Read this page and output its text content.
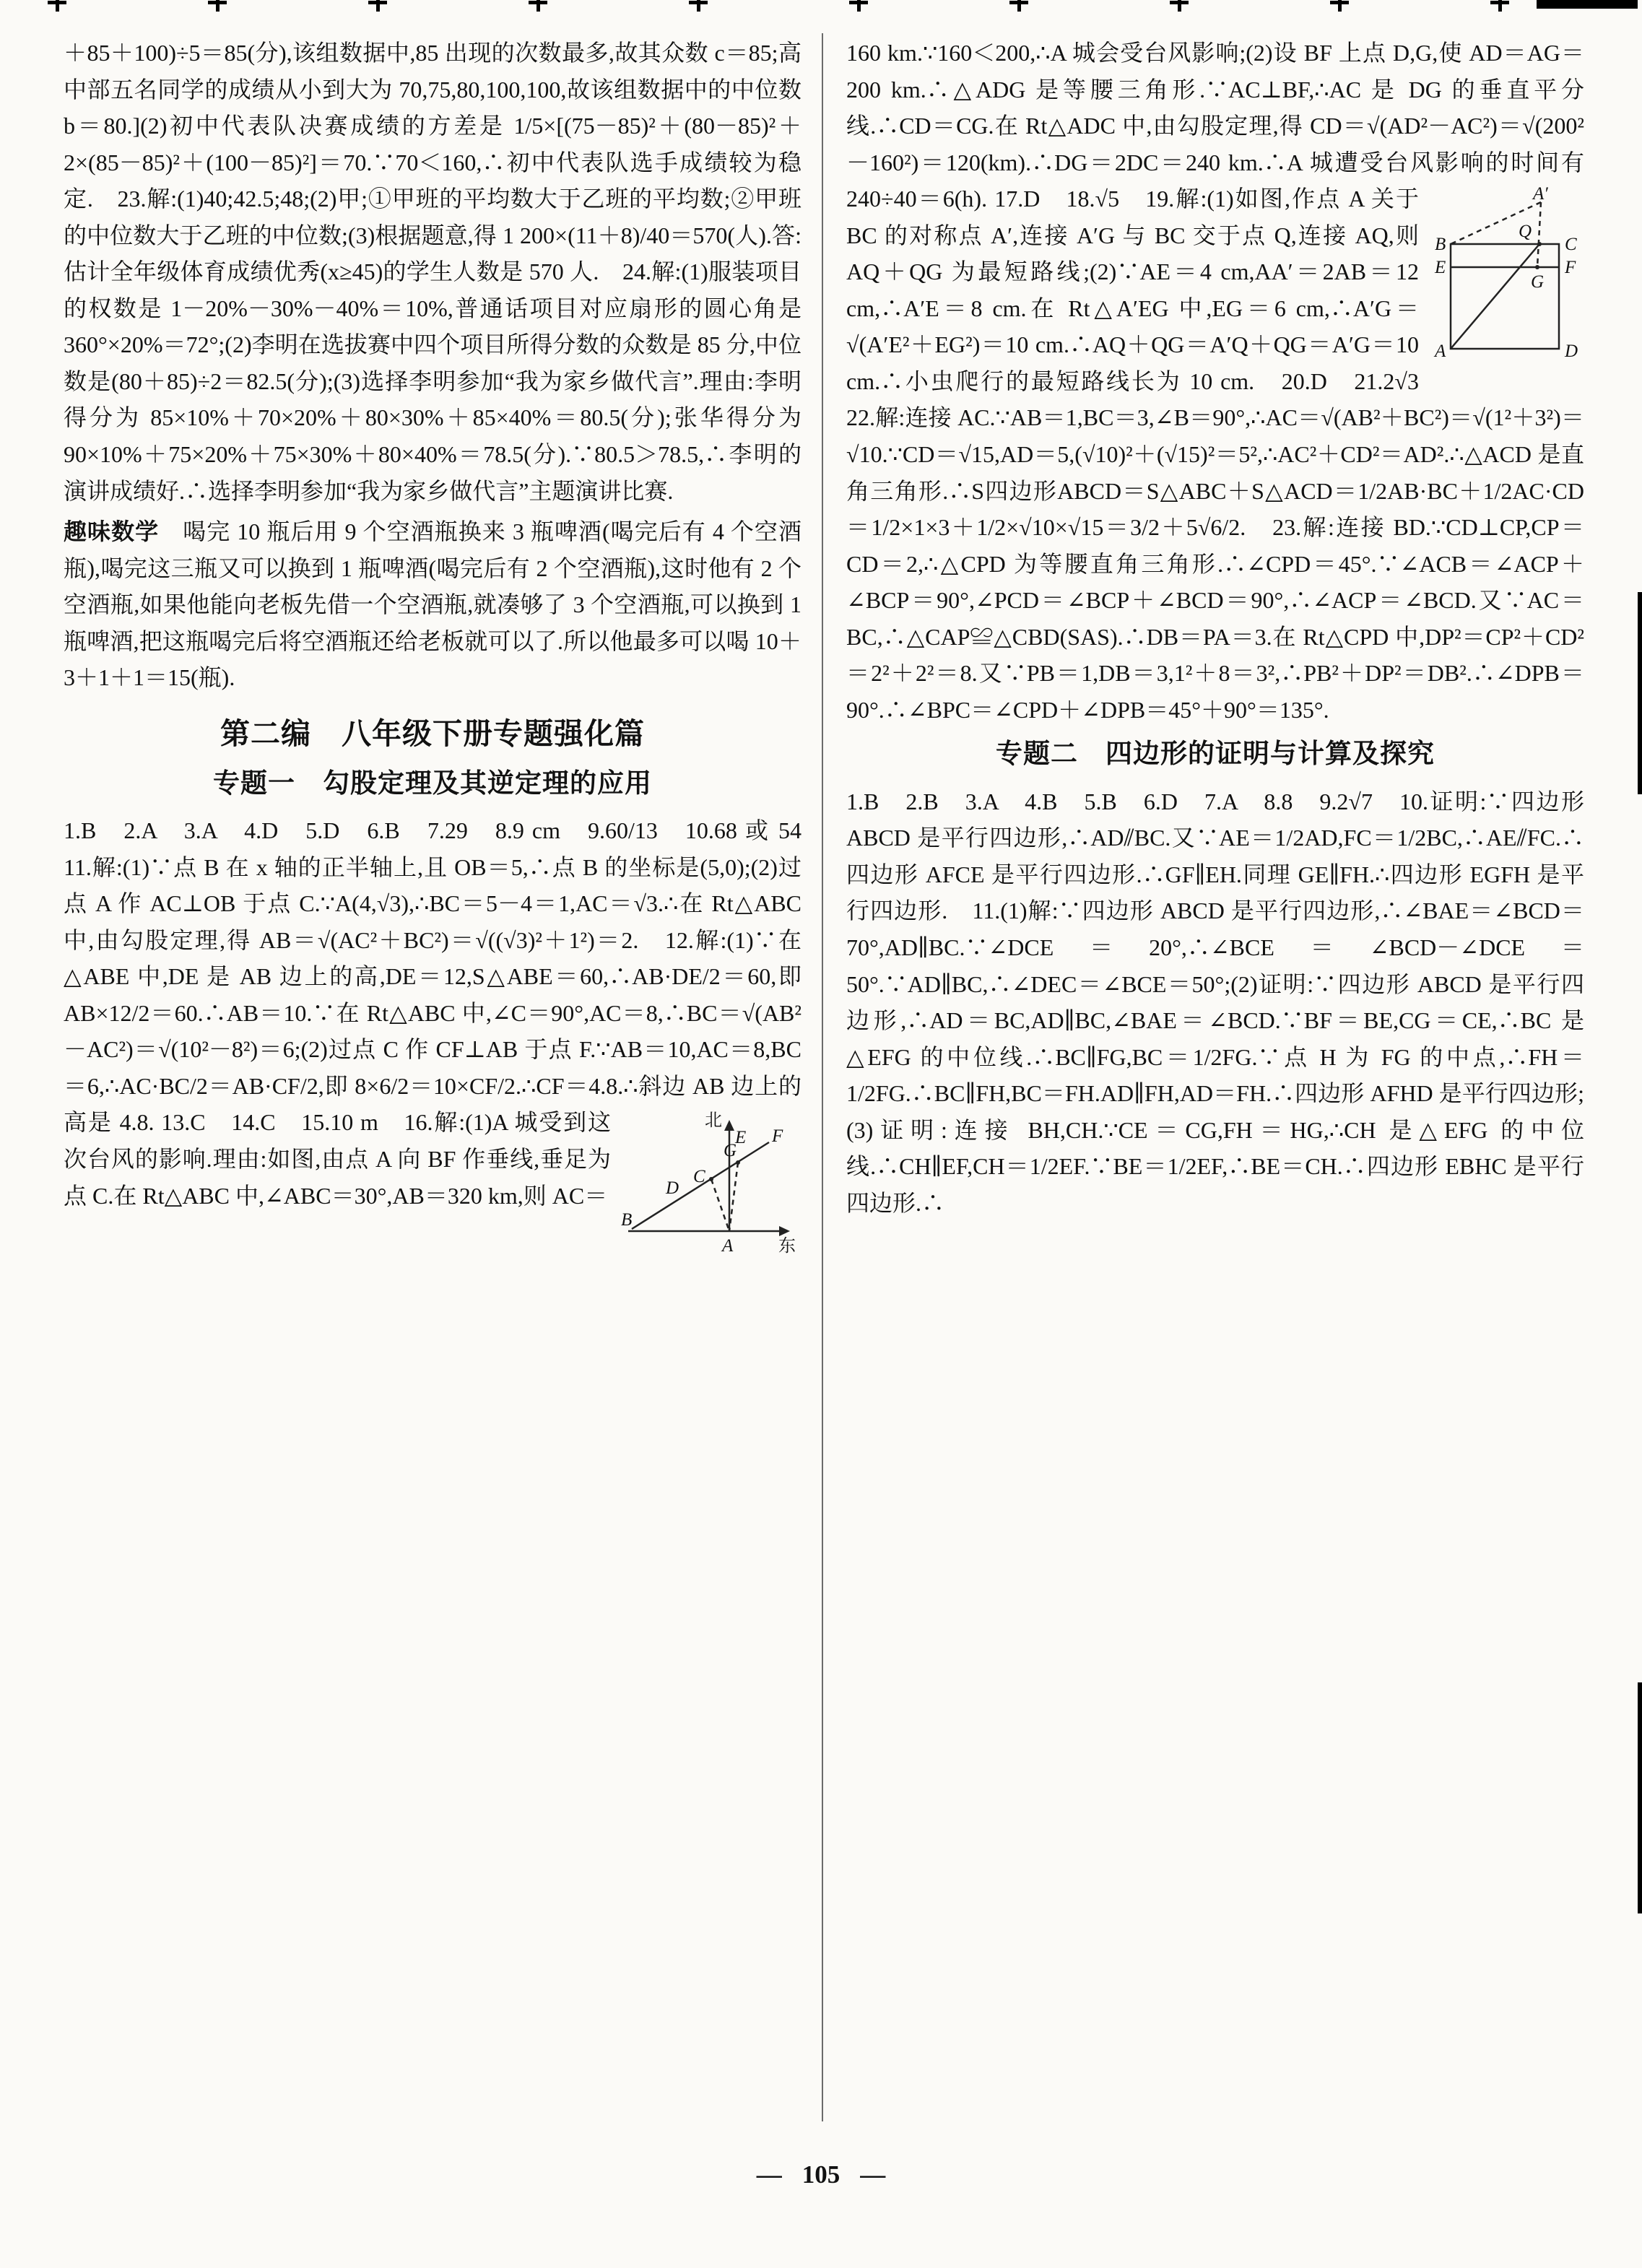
＋85＋100)÷5＝85(分),该组数据中,85 出现的次数最多,故其众数 c＝85;高中部五名同学的成绩从小到大为 70,75,80,100,100,故该组数据中的中位数 b＝80.](2)初中代表队决赛成绩的方差是 1/5×[(75－85)²＋(80－85)²＋2×(85－85)²＋(100－85)²]＝70.∵70＜160,∴初中代表队选手成绩较为稳定.　23.解:(1)40;42.5;48;(2)甲;①甲班的平均数大于乙班的平均数;②甲班的中位数大于乙班的中位数;(3)根据题意,得 1 200×(11＋8)/40＝570(人).答:估计全年级体育成绩优秀(x≥45)的学生人数是 570 人.　24.解:(1)服装项目的权数是 1－20%－30%－40%＝10%,普通话项目对应扇形的圆心角是 360°×20%＝72°;(2)李明在选拔赛中四个项目所得分数的众数是 85 分,中位数是(80＋85)÷2＝82.5(分);(3)选择李明参加“我为家乡做代言”.理由:李明得分为 85×10%＋70×20%＋80×30%＋85×40%＝80.5(分);张华得分为 90×10%＋75×20%＋75×30%＋80×40%＝78.5(分).∵80.5＞78.5,∴李明的演讲成绩好.∴选择李明参加“我为家乡做代言”主题演讲比赛.
趣味数学　喝完 10 瓶后用 9 个空酒瓶换来 3 瓶啤酒(喝完后有 4 个空酒瓶),喝完这三瓶又可以换到 1 瓶啤酒(喝完后有 2 个空酒瓶),这时他有 2 个空酒瓶,如果他能向老板先借一个空酒瓶,就凑够了 3 个空酒瓶,可以换到 1 瓶啤酒,把这瓶喝完后将空酒瓶还给老板就可以了.所以他最多可以喝 10＋3＋1＋1＝15(瓶).
第二编　八年级下册专题强化篇
专题一　勾股定理及其逆定理的应用
1.B　2.A　3.A　4.D　5.D　6.B　7.29　8.9 cm　9.60/13　10.68 或 54　11.解:(1)∵点 B 在 x 轴的正半轴上,且 OB＝5,∴点 B 的坐标是(5,0);(2)过点 A 作 AC⊥OB 于点 C.∵A(4,√3),∴BC＝5－4＝1,AC＝√3.∴在 Rt△ABC 中,由勾股定理,得 AB＝√(AC²＋BC²)＝√((√3)²＋1²)＝2.　12.解:(1)∵在△ABE 中,DE 是 AB 边上的高,DE＝12,S△ABE＝60,∴AB·DE/2＝60,即 AB×12/2＝60.∴AB＝10.∵在 Rt△ABC 中,∠C＝90°,AC＝8,∴BC＝√(AB²－AC²)＝√(10²－8²)＝6;(2)过点 C 作 CF⊥AB 于点 F.∵AB＝10,AC＝8,BC＝6,∴AC·BC/2＝AB·CF/2,即 8×6/2＝10×CF/2.∴CF＝4.8.∴斜边 AB 边上的高是 4.8.	北
E F
G
C
D
B
A	东
13.C　14.C　15.10 m　16.解:(1)A 城受到这次台风的影响.理由:如图,由点 A 向 BF 作垂线,垂足为点 C.在 Rt△ABC 中,∠ABC＝30°,AB＝320 km,则 AC＝
160 km.∵160＜200,∴A 城会受台风影响;(2)设 BF 上点 D,G,使 AD＝AG＝200 km.∴△ADG 是等腰三角形.∵AC⊥BF,∴AC 是 DG 的垂直平分线.∴CD＝CG.在 Rt△ADC 中,由勾股定理,得 CD＝√(AD²－AC²)＝√(200²－160²)＝120(km).∴DG＝2DC＝240 km.∴A 城遭受台风影响的时间有 240÷40＝6(h).	A′
Q
B	C
E	F
G
A	D
17.D　18.√5　19.解:(1)如图,作点 A 关于 BC 的对称点 A′,连接 A′G 与 BC 交于点 Q,连接 AQ,则 AQ＋QG 为最短路线;(2)∵AE＝4 cm,AA′＝2AB＝12 cm,∴A′E＝8 cm.在 Rt△A′EG 中,EG＝6 cm,∴A′G＝√(A′E²＋EG²)＝10 cm.∴AQ＋QG＝A′Q＋QG＝A′G＝10 cm.∴小虫爬行的最短路线长为 10 cm.　20.D　21.2√3　22.解:连接 AC.∵AB＝1,BC＝3,∠B＝90°,∴AC＝√(AB²＋BC²)＝√(1²＋3²)＝√10.∵CD＝√15,AD＝5,(√10)²＋(√15)²＝5²,∴AC²＋CD²＝AD².∴△ACD 是直角三角形.∴S四边形ABCD＝S△ABC＋S△ACD＝1/2AB·BC＋1/2AC·CD＝1/2×1×3＋1/2×√10×√15＝3/2＋5√6/2.　23.解:连接 BD.∵CD⊥CP,CP＝CD＝2,∴△CPD 为等腰直角三角形.∴∠CPD＝45°.∵∠ACB＝∠ACP＋∠BCP＝90°,∠PCD＝∠BCP＋∠BCD＝90°,∴∠ACP＝∠BCD.又∵AC＝BC,∴△CAP≌△CBD(SAS).∴DB＝PA＝3.在 Rt△CPD 中,DP²＝CP²＋CD²＝2²＋2²＝8.又∵PB＝1,DB＝3,1²＋8＝3²,∴PB²＋DP²＝DB².∴∠DPB＝90°.∴∠BPC＝∠CPD＋∠DPB＝45°＋90°＝135°.
专题二　四边形的证明与计算及探究
1.B　2.B　3.A　4.B　5.B　6.D　7.A　8.8　9.2√7　10.证明:∵四边形 ABCD 是平行四边形,∴AD⫽BC.又∵AE＝1/2AD,FC＝1/2BC,∴AE⫽FC.∴四边形 AFCE 是平行四边形.∴GF∥EH.同理 GE∥FH.∴四边形 EGFH 是平行四边形.　11.(1)解:∵四边形 ABCD 是平行四边形,∴∠BAE＝∠BCD＝70°,AD∥BC.∵∠DCE＝20°,∴∠BCE＝∠BCD－∠DCE＝50°.∵AD∥BC,∴∠DEC＝∠BCE＝50°;(2)证明:∵四边形 ABCD 是平行四边形,∴AD＝BC,AD∥BC,∠BAE＝∠BCD.∵BF＝BE,CG＝CE,∴BC 是△EFG 的中位线.∴BC∥FG,BC＝1/2FG.∵点 H 为 FG 的中点,∴FH＝1/2FG.∴BC∥FH,BC＝FH.AD∥FH,AD＝FH.∴四边形 AFHD 是平行四边形;(3)证明:连接 BH,CH.∵CE＝CG,FH＝HG,∴CH 是△EFG 的中位线.∴CH∥EF,CH＝1/2EF.∵BE＝1/2EF,∴BE＝CH.∴四边形 EBHC 是平行四边形.∴
— 105 —
